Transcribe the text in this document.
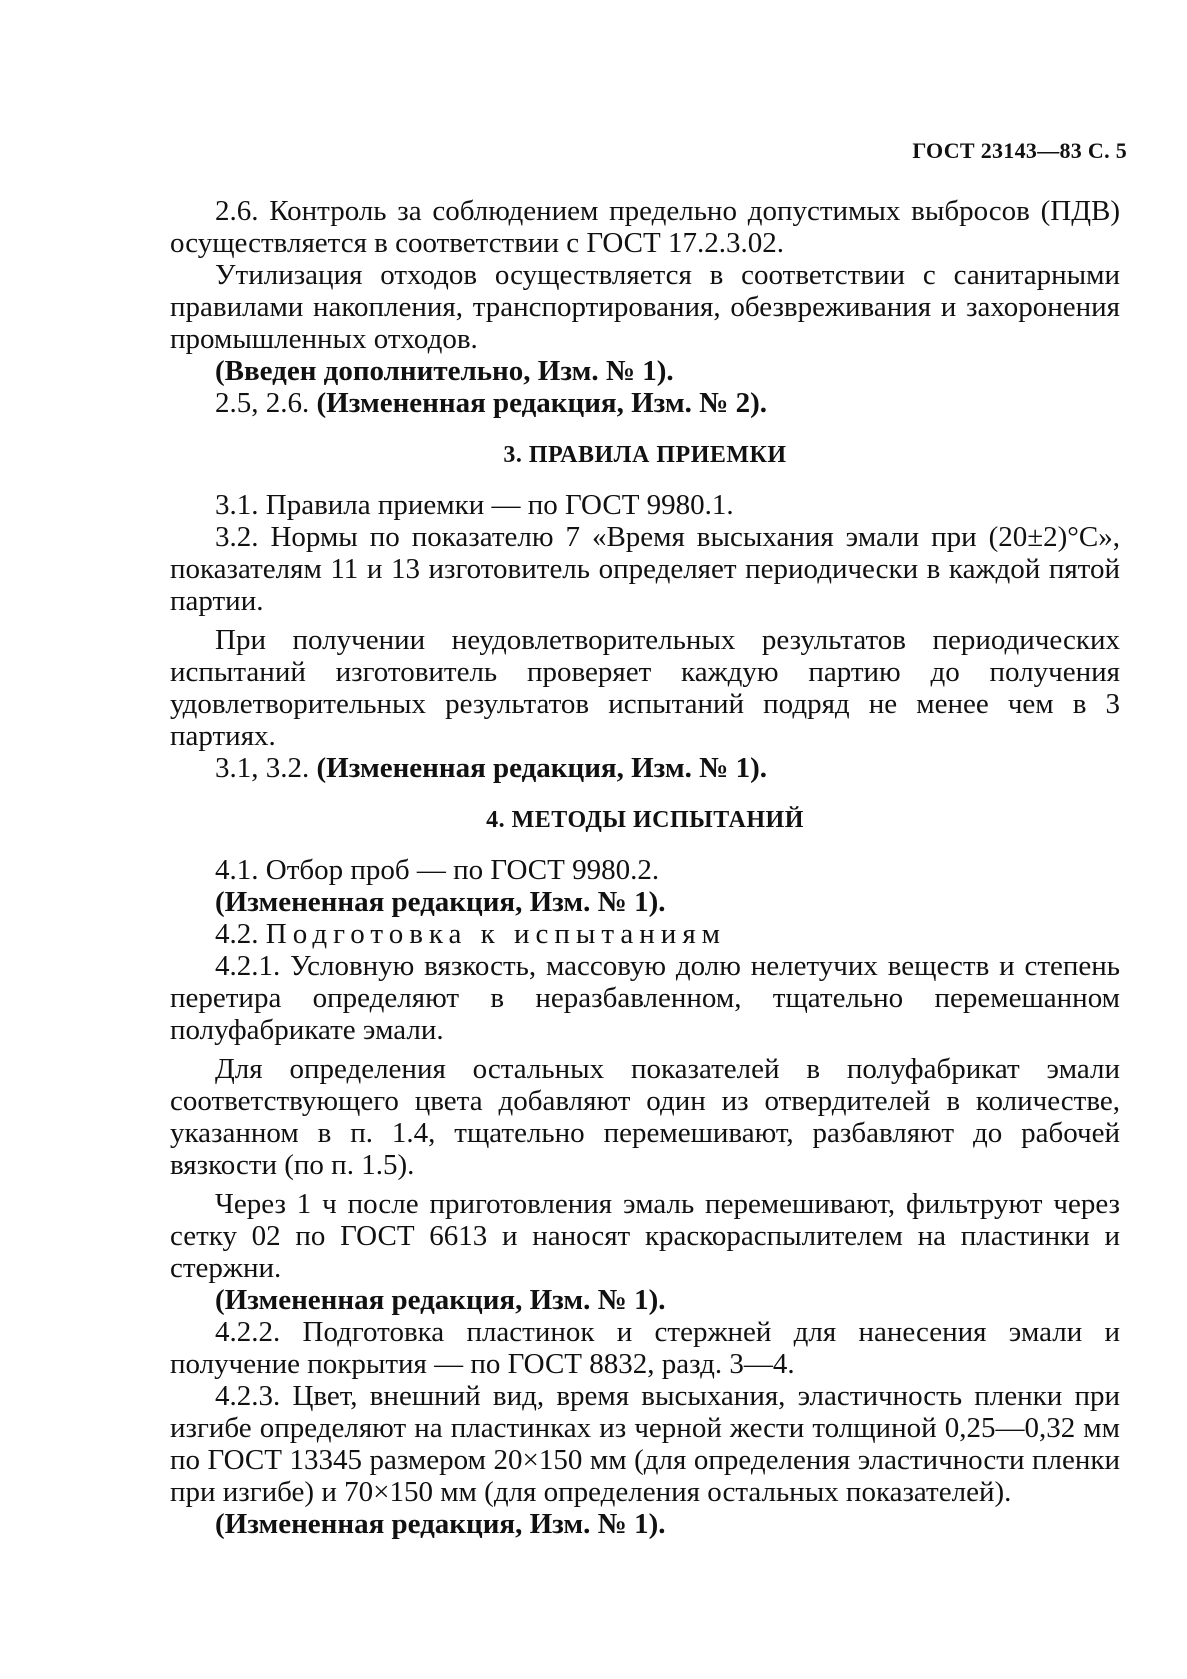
ГОСТ 23143—83 С. 5

2.6. Контроль за соблюдением предельно допустимых выбросов (ПДВ) осуществляется в соответствии с ГОСТ 17.2.3.02.

Утилизация отходов осуществляется в соответствии с санитарными правилами накопления, транспортирования, обезвреживания и захоронения промышленных отходов.

(Введен дополнительно, Изм. № 1).

2.5, 2.6. (Измененная редакция, Изм. № 2).

3. ПРАВИЛА ПРИЕМКИ

3.1. Правила приемки — по ГОСТ 9980.1.

3.2. Нормы по показателю 7 «Время высыхания эмали при (20±2)°С», показателям 11 и 13 изготовитель определяет периодически в каждой пятой партии.

При получении неудовлетворительных результатов периодических испытаний изготовитель проверяет каждую партию до получения удовлетворительных результатов испытаний подряд не менее чем в 3 партиях.

3.1, 3.2. (Измененная редакция, Изм. № 1).

4. МЕТОДЫ ИСПЫТАНИЙ

4.1. Отбор проб — по ГОСТ 9980.2.

(Измененная редакция, Изм. № 1).

4.2. Подготовка к испытаниям

4.2.1. Условную вязкость, массовую долю нелетучих веществ и степень перетира определяют в неразбавленном, тщательно перемешанном полуфабрикате эмали.

Для определения остальных показателей в полуфабрикат эмали соответствующего цвета добавляют один из отвердителей в количестве, указанном в п. 1.4, тщательно перемешивают, разбавляют до рабочей вязкости (по п. 1.5).

Через 1 ч после приготовления эмаль перемешивают, фильтруют через сетку 02 по ГОСТ 6613 и наносят краскораспылителем на пластинки и стержни.

(Измененная редакция, Изм. № 1).

4.2.2. Подготовка пластинок и стержней для нанесения эмали и получение покрытия — по ГОСТ 8832, разд. 3—4.

4.2.3. Цвет, внешний вид, время высыхания, эластичность пленки при изгибе определяют на пластинках из черной жести толщиной 0,25—0,32 мм по ГОСТ 13345 размером 20×150 мм (для определения эластичности пленки при изгибе) и 70×150 мм (для определения остальных показателей).

(Измененная редакция, Изм. № 1).
